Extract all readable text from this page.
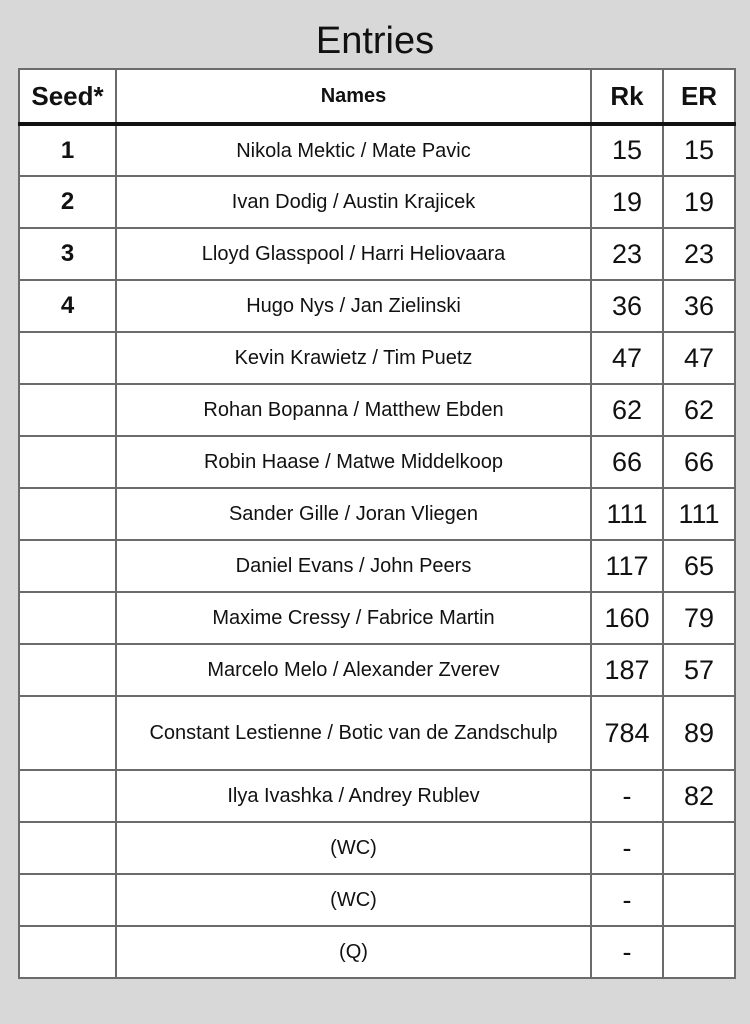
Entries
Seed*	Names	Rk	ER
1	Nikola Mektic / Mate Pavic	15	15
2	Ivan Dodig / Austin Krajicek	19	19
3	Lloyd Glasspool / Harri Heliovaara	23	23
4	Hugo Nys / Jan Zielinski	36	36
	Kevin Krawietz / Tim Puetz	47	47
	Rohan Bopanna / Matthew Ebden	62	62
	Robin Haase / Matwe Middelkoop	66	66
	Sander Gille / Joran Vliegen	111	111
	Daniel Evans / John Peers	117	65
	Maxime Cressy / Fabrice Martin	160	79
	Marcelo Melo / Alexander Zverev	187	57
	Constant Lestienne / Botic van de Zandschulp	784	89
	Ilya Ivashka / Andrey Rublev	-	82
	(WC)	-	
	(WC)	-	
	(Q)	-	
